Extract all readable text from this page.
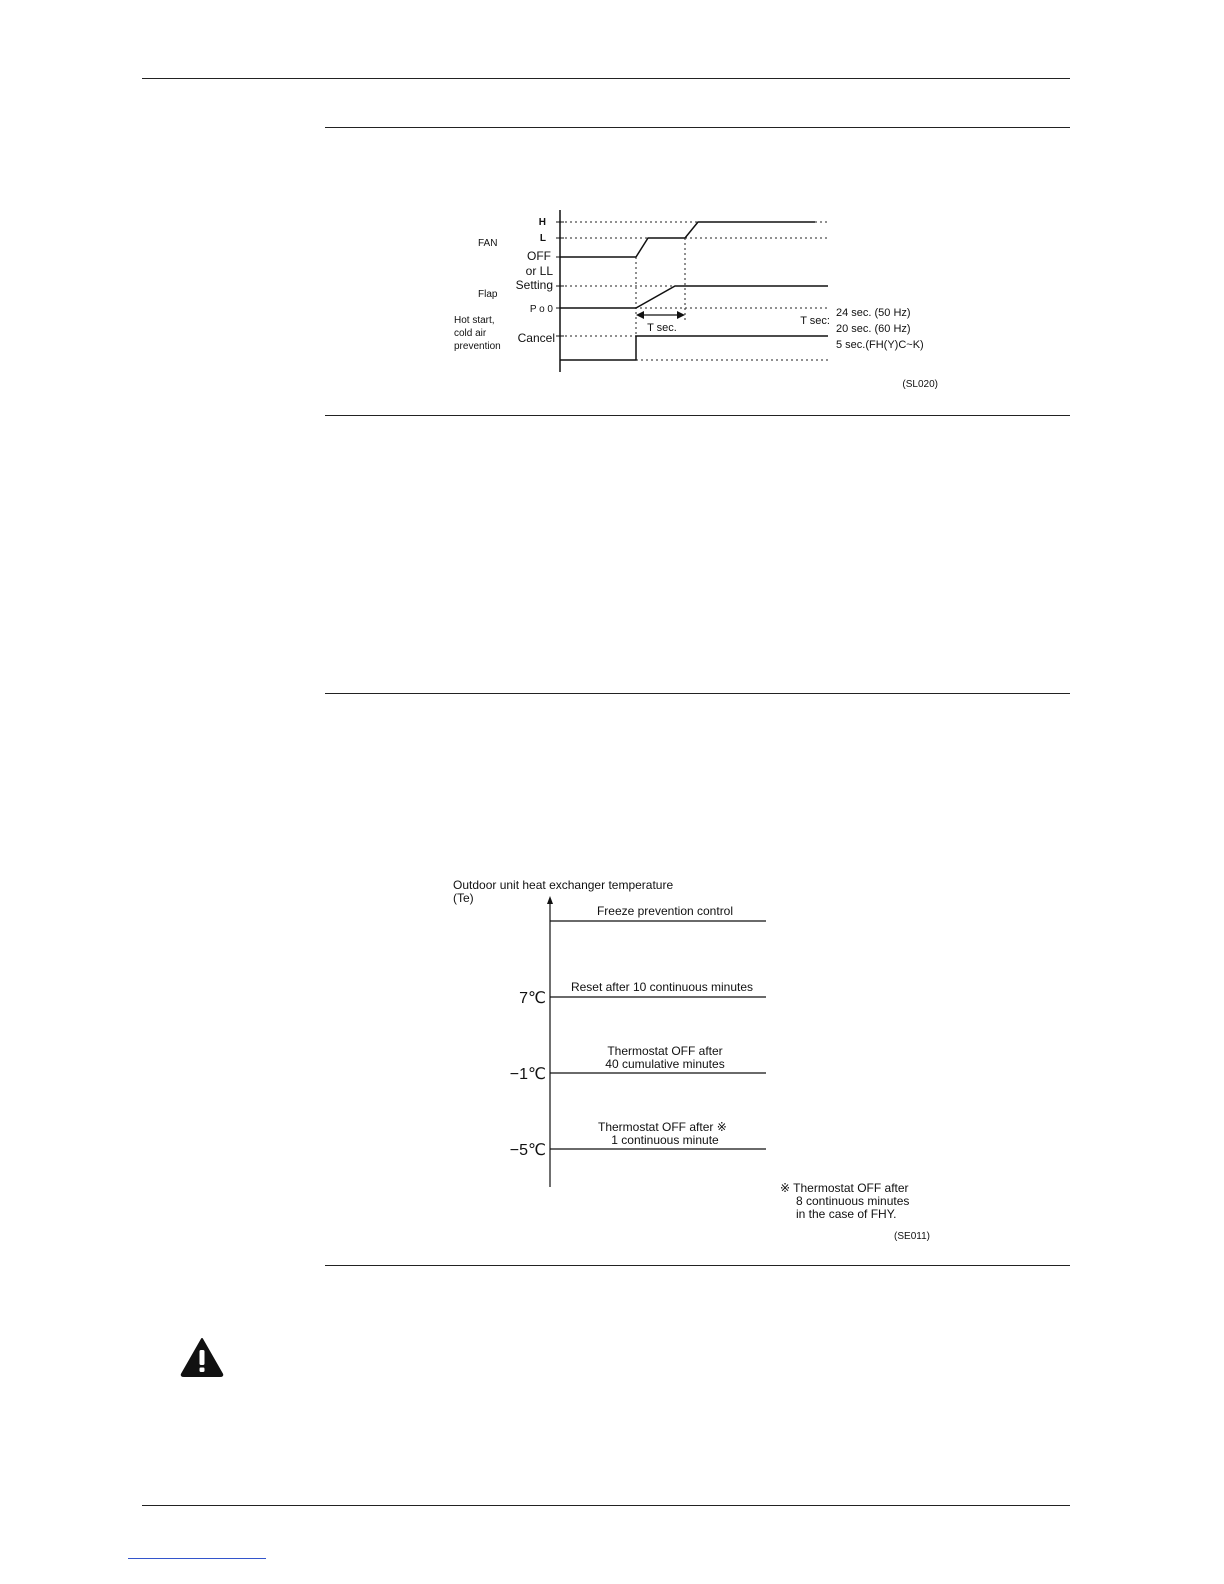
H
L
OFF
or LL
Setting
P o 0
Cancel
FAN
Flap
Hot start,
cold air
prevention
T sec.
T sec:
24 sec. (50 Hz)
20 sec. (60 Hz)
5 sec.(FH(Y)C~K)
(SL020)
Outdoor unit heat exchanger temperature
(Te)
Freeze prevention control
Reset after 10 continuous minutes
7℃
Thermostat OFF after
40 cumulative minutes
−1℃
Thermostat OFF after ※
1 continuous minute
−5℃
※ Thermostat OFF after
8 continuous minutes
in the case of FHY.
(SE011)
